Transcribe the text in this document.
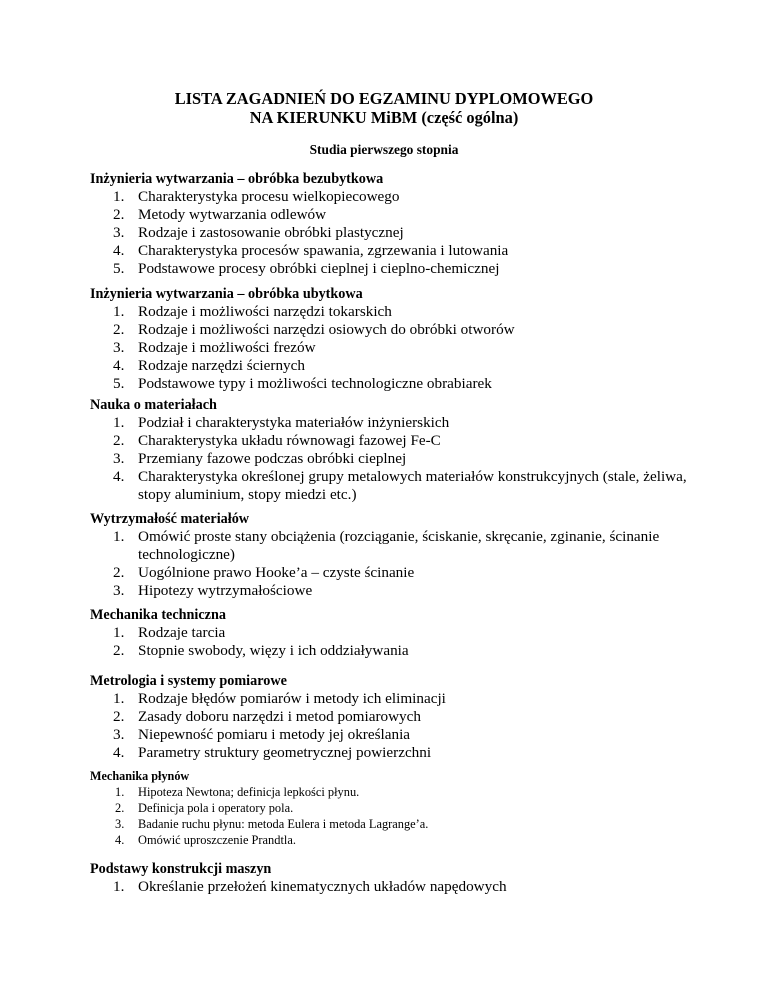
LISTA ZAGADNIEŃ DO EGZAMINU DYPLOMOWEGO
NA KIERUNKU MiBM (część ogólna)
Studia pierwszego stopnia
Inżynieria wytwarzania – obróbka bezubytkowa
1. Charakterystyka procesu wielkopiecowego
2. Metody wytwarzania odlewów
3. Rodzaje i zastosowanie obróbki plastycznej
4. Charakterystyka procesów spawania, zgrzewania i lutowania
5. Podstawowe procesy obróbki cieplnej i cieplno-chemicznej
Inżynieria wytwarzania – obróbka ubytkowa
1. Rodzaje i możliwości narzędzi tokarskich
2. Rodzaje i możliwości narzędzi osiowych do obróbki otworów
3. Rodzaje i możliwości frezów
4. Rodzaje narzędzi ściernych
5. Podstawowe typy i możliwości technologiczne obrabiarek
Nauka o materiałach
1. Podział i charakterystyka materiałów inżynierskich
2. Charakterystyka układu równowagi fazowej Fe-C
3. Przemiany fazowe podczas obróbki cieplnej
4. Charakterystyka określonej grupy metalowych materiałów konstrukcyjnych (stale, żeliwa, stopy aluminium, stopy miedzi etc.)
Wytrzymałość materiałów
1. Omówić proste stany obciążenia (rozciąganie, ściskanie, skręcanie, zginanie, ścinanie technologiczne)
2. Uogólnione prawo Hooke’a – czyste ścinanie
3. Hipotezy wytrzymałościowe
Mechanika techniczna
1. Rodzaje tarcia
2. Stopnie swobody, więzy i ich oddziaływania
Metrologia i systemy pomiarowe
1. Rodzaje błędów pomiarów i metody ich eliminacji
2. Zasady doboru narzędzi i metod pomiarowych
3. Niepewność pomiaru i metody jej określania
4. Parametry struktury geometrycznej powierzchni
Mechanika płynów
1.	Hipoteza Newtona; definicja lepkości płynu.
2.	Definicja pola i operatory pola.
3.	Badanie ruchu płynu: metoda Eulera i metoda Lagrange’a.
4.	Omówić uproszczenie Prandtla.
Podstawy konstrukcji maszyn
1. Określanie przełożeń kinematycznych układów napędowych
